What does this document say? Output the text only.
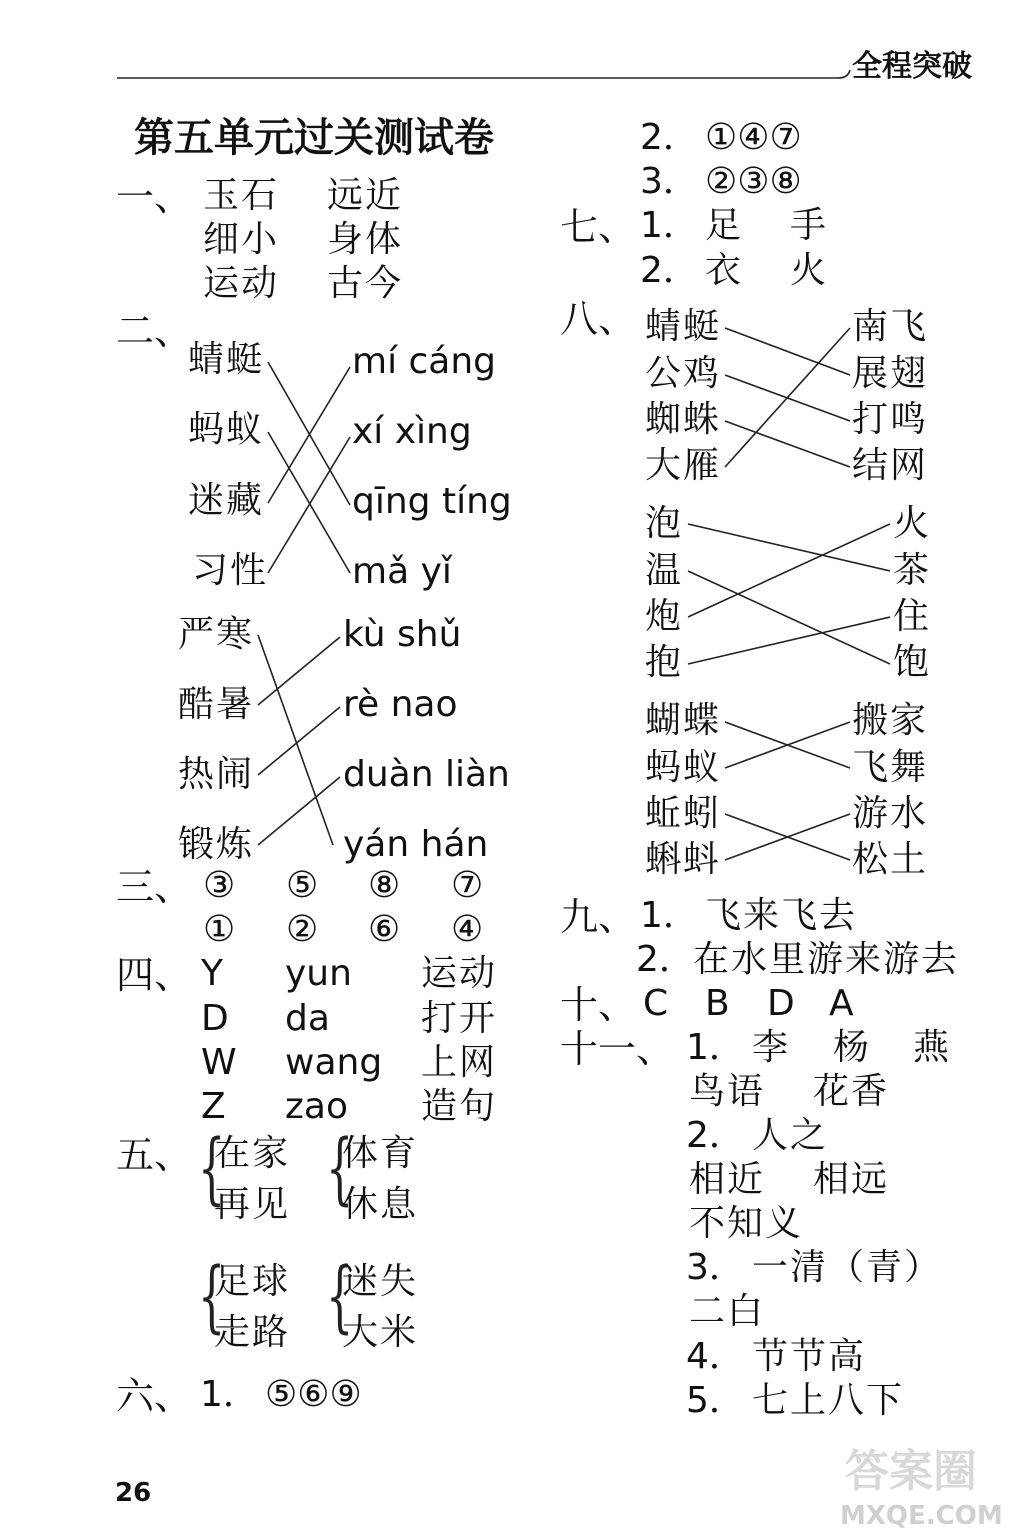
全程突破
第五单元过关测试卷
一、 玉石 远近
细小 身体
运动 古今
二、
蜻蜓
蚂蚁
迷藏
习性
mí cáng
xí xìng
qīng tíng
mǎ yǐ
严寒
酷暑
热闹
锻炼
kù shǔ
rè nao
duàn liàn
yán hán
三、 ③ ⑤ ⑧ ⑦
① ② ⑥ ④
四、 Y yun 运动
D da	打开
W wang 上网
Z zao 造句
五、 { {
在家
再见
体育
休息
{ {
足球
走路
迷失
大米
六、 1． ⑤⑥⑨
2． ①④⑦
3． ②③⑧
七、 1． 足 手
2． 衣 火
八、 蜻蜓
公鸡
蜘蛛
大雁
南飞
展翅
打鸣
结网
泡
温
炮
抱
火
茶
住
饱
蝴蝶
蚂蚁
蚯蚓
蝌蚪
搬家
飞舞
游水
松土
九、 1． 飞来飞去
2．
在水里游来游去
十、 C B D A
十一、 1． 李 杨 燕
鸟语 花香
2． 人之
相近 相远
不知义
3． 一清（青）
二白
4． 节节高
5． 七上八下
26	答案圈
MXQE.COM
